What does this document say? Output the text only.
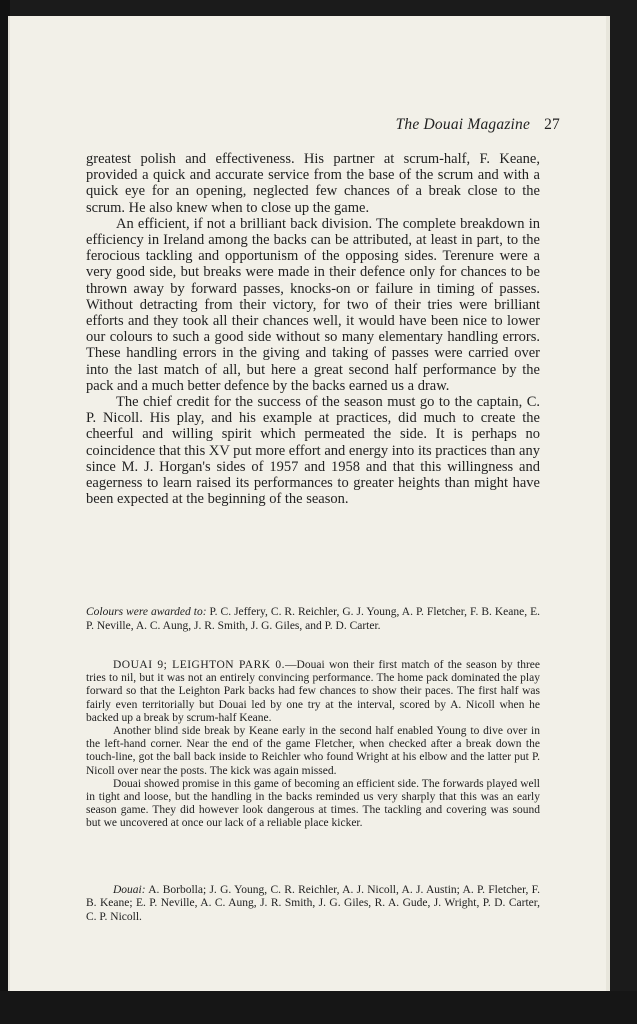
The Douai Magazine 27

greatest polish and effectiveness. His partner at scrum-half, F. Keane, provided a quick and accurate service from the base of the scrum and with a quick eye for an opening, neglected few chances of a break close to the scrum. He also knew when to close up the game.

An efficient, if not a brilliant back division. The complete breakdown in efficiency in Ireland among the backs can be attributed, at least in part, to the ferocious tackling and opportunism of the opposing sides. Terenure were a very good side, but breaks were made in their defence only for chances to be thrown away by forward passes, knocks-on or failure in timing of passes. Without detracting from their victory, for two of their tries were brilliant efforts and they took all their chances well, it would have been nice to lower our colours to such a good side without so many elementary handling errors. These handling errors in the giving and taking of passes were carried over into the last match of all, but here a great second half performance by the pack and a much better defence by the backs earned us a draw.

The chief credit for the success of the season must go to the captain, C. P. Nicoll. His play, and his example at practices, did much to create the cheerful and willing spirit which permeated the side. It is perhaps no coincidence that this XV put more effort and energy into its practices than any since M. J. Horgan's sides of 1957 and 1958 and that this willingness and eagerness to learn raised its performances to greater heights than might have been expected at the beginning of the season.

Colours were awarded to: P. C. Jeffery, C. R. Reichler, G. J. Young, A. P. Fletcher, F. B. Keane, E. P. Neville, A. C. Aung, J. R. Smith, J. G. Giles, and P. D. Carter.

DOUAI 9; LEIGHTON PARK 0.—Douai won their first match of the season by three tries to nil, but it was not an entirely convincing performance. The home pack dominated the play forward so that the Leighton Park backs had few chances to show their paces. The first half was fairly even territorially but Douai led by one try at the interval, scored by A. Nicoll when he backed up a break by scrum-half Keane.

Another blind side break by Keane early in the second half enabled Young to dive over in the left-hand corner. Near the end of the game Fletcher, when checked after a break down the touch-line, got the ball back inside to Reichler who found Wright at his elbow and the latter put P. Nicoll over near the posts. The kick was again missed.

Douai showed promise in this game of becoming an efficient side. The forwards played well in tight and loose, but the handling in the backs reminded us very sharply that this was an early season game. They did however look dangerous at times. The tackling and covering was sound but we uncovered at once our lack of a reliable place kicker.

Douai: A. Borbolla; J. G. Young, C. R. Reichler, A. J. Nicoll, A. J. Austin; A. P. Fletcher, F. B. Keane; E. P. Neville, A. C. Aung, J. R. Smith, J. G. Giles, R. A. Gude, J. Wright, P. D. Carter, C. P. Nicoll.
